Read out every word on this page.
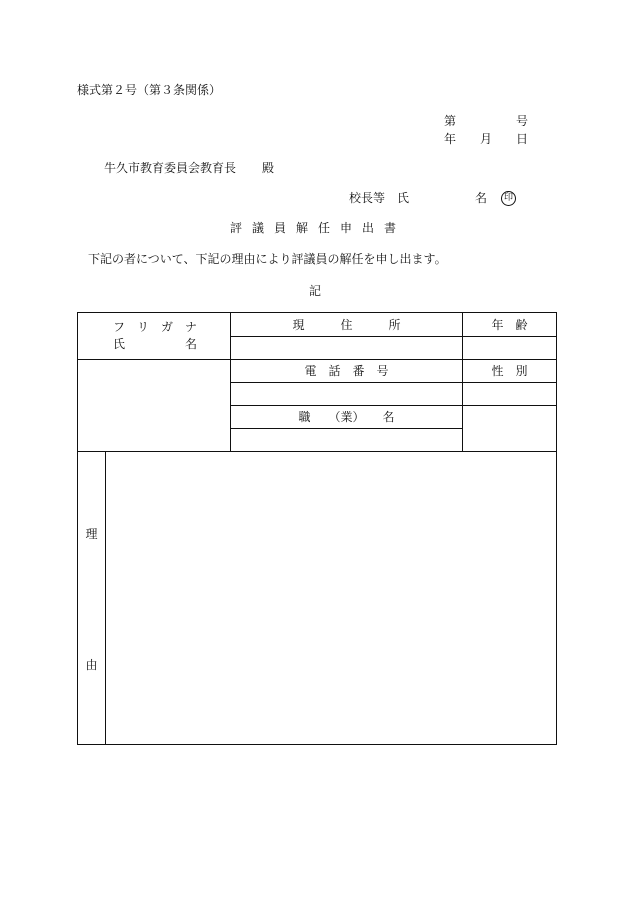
様式第２号（第３条関係）
第	号
年 月 日
牛久市教育委員会教育長 殿
校長等　氏	名 印
評議員解任申出書
下記の者について、下記の理由により評議員の解任を申し出ます。
記
フ　リ　ガ　ナ
氏　　　　　名
現　　　住　　　所	年　齢
電　話　番　号	性　別
職　　（業）　　名
理
由
